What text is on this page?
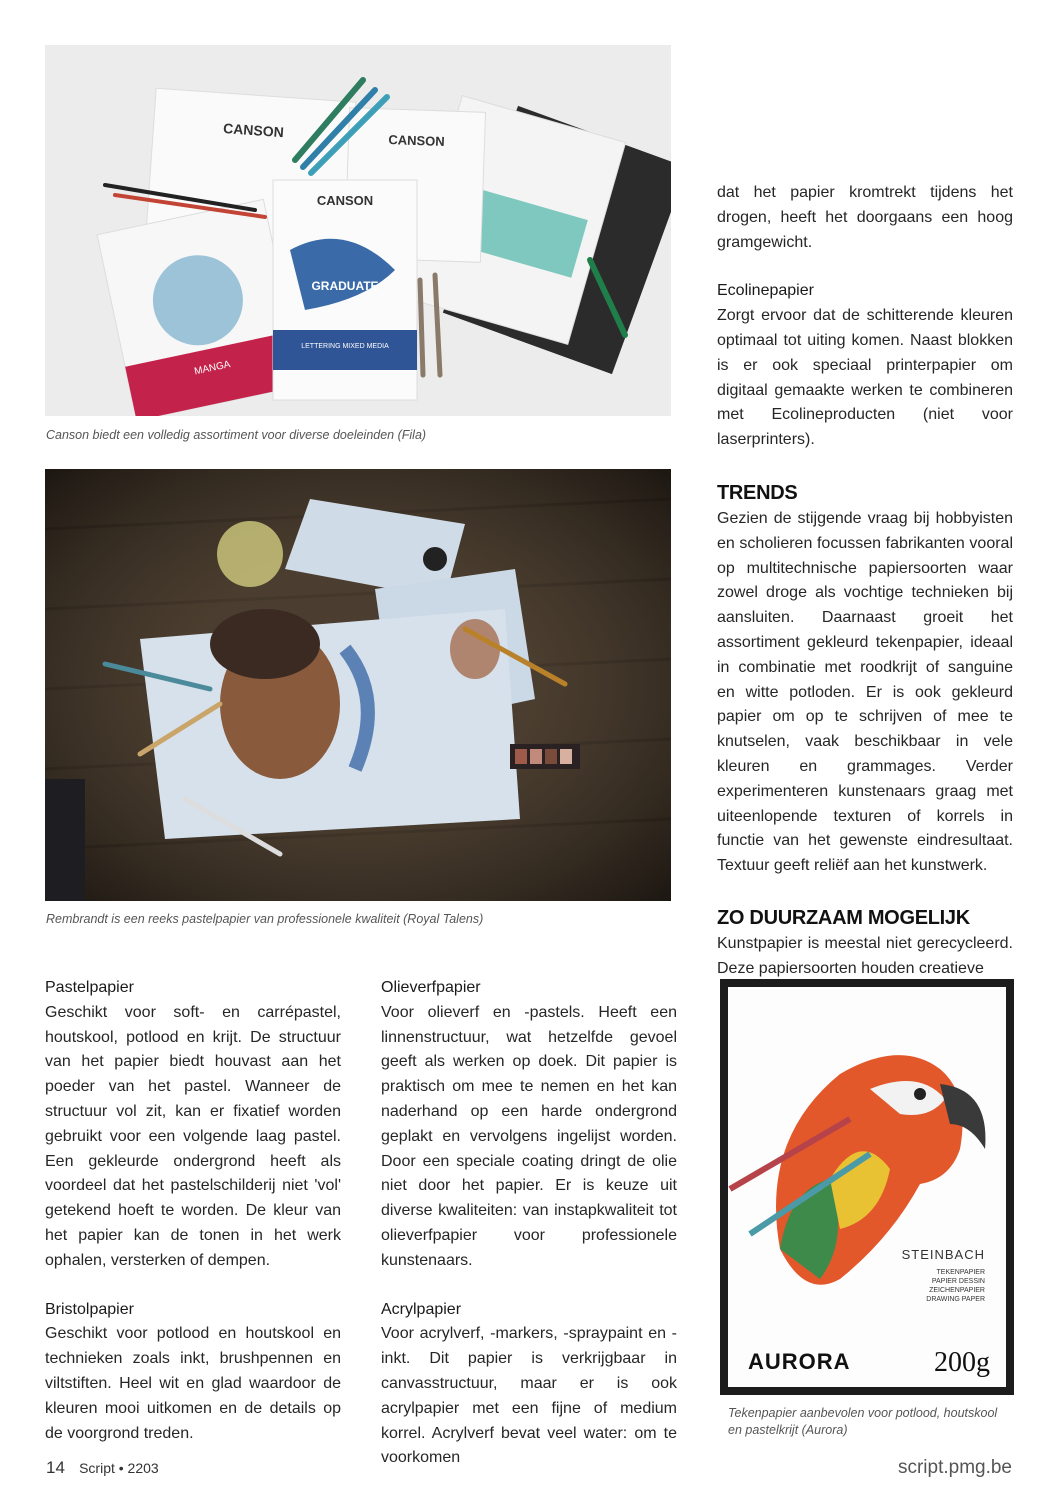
CANSON
CANSON
MANGA
CANSON
GRADUATE
LETTERING MIXED MEDIA
Canson biedt een volledig assortiment voor diverse doeleinden (Fila)
Rembrandt is een reeks pastelpapier van professionele kwaliteit (Royal Talens)

dat het papier kromtrekt tijdens het drogen, heeft het doorgaans een hoog gramgewicht.

Ecolinepapier

Zorgt ervoor dat de schitterende kleuren optimaal tot uiting komen. Naast blokken is er ook speciaal printerpapier om digitaal gemaakte werken te combineren met Ecolineproducten (niet voor laserprinters).

TRENDS

Gezien de stijgende vraag bij hobbyisten en scholieren focussen fabrikanten vooral op multitechnische papiersoorten waar zowel droge als vochtige technieken bij aansluiten. Daarnaast groeit het assortiment gekleurd tekenpapier, ideaal in combinatie met roodkrijt of sanguine en witte potloden. Er is ook gekleurd papier om op te schrijven of mee te knutselen, vaak beschikbaar in vele kleuren en grammages. Verder experimenteren kunstenaars graag met uiteenlopende texturen of korrels in functie van het gewenste eindresultaat. Textuur geeft reliëf aan het kunstwerk.

ZO DUURZAAM MOGELIJK

Kunstpapier is meestal niet gerecycleerd. Deze papiersoorten houden creatieve

STEINBACH
TEKENPAPIER
PAPIER DESSIN
ZEICHENPAPIER
DRAWING PAPER
AURORA	200g
Tekenpapier aanbevolen voor potlood, houtskool en pastelkrijt (Aurora)

Pastelpapier

Geschikt voor soft- en carrépastel, houtskool, potlood en krijt. De structuur van het papier biedt houvast aan het poeder van het pastel. Wanneer de structuur vol zit, kan er fixatief worden gebruikt voor een volgende laag pastel. Een gekleurde ondergrond heeft als voordeel dat het pastelschilderij niet 'vol' getekend hoeft te worden. De kleur van het papier kan de tonen in het werk ophalen, versterken of dempen.

Bristolpapier

Geschikt voor potlood en houtskool en technieken zoals inkt, brushpennen en viltstiften. Heel wit en glad waardoor de kleuren mooi uitkomen en de details op de voorgrond treden.

Olieverfpapier

Voor olieverf en -pastels. Heeft een linnenstructuur, wat hetzelfde gevoel geeft als werken op doek. Dit papier is praktisch om mee te nemen en het kan naderhand op een harde ondergrond geplakt en vervolgens ingelijst worden. Door een speciale coating dringt de olie niet door het papier. Er is keuze uit diverse kwaliteiten: van instapkwaliteit tot olieverfpapier voor professionele kunstenaars.

Acrylpapier

Voor acrylverf, -markers, -spraypaint en -inkt. Dit papier is verkrijgbaar in canvasstructuur, maar er is ook acrylpapier met een fijne of medium korrel. Acrylverf bevat veel water: om te voorkomen

14 Script • 2203	script.pmg.be
